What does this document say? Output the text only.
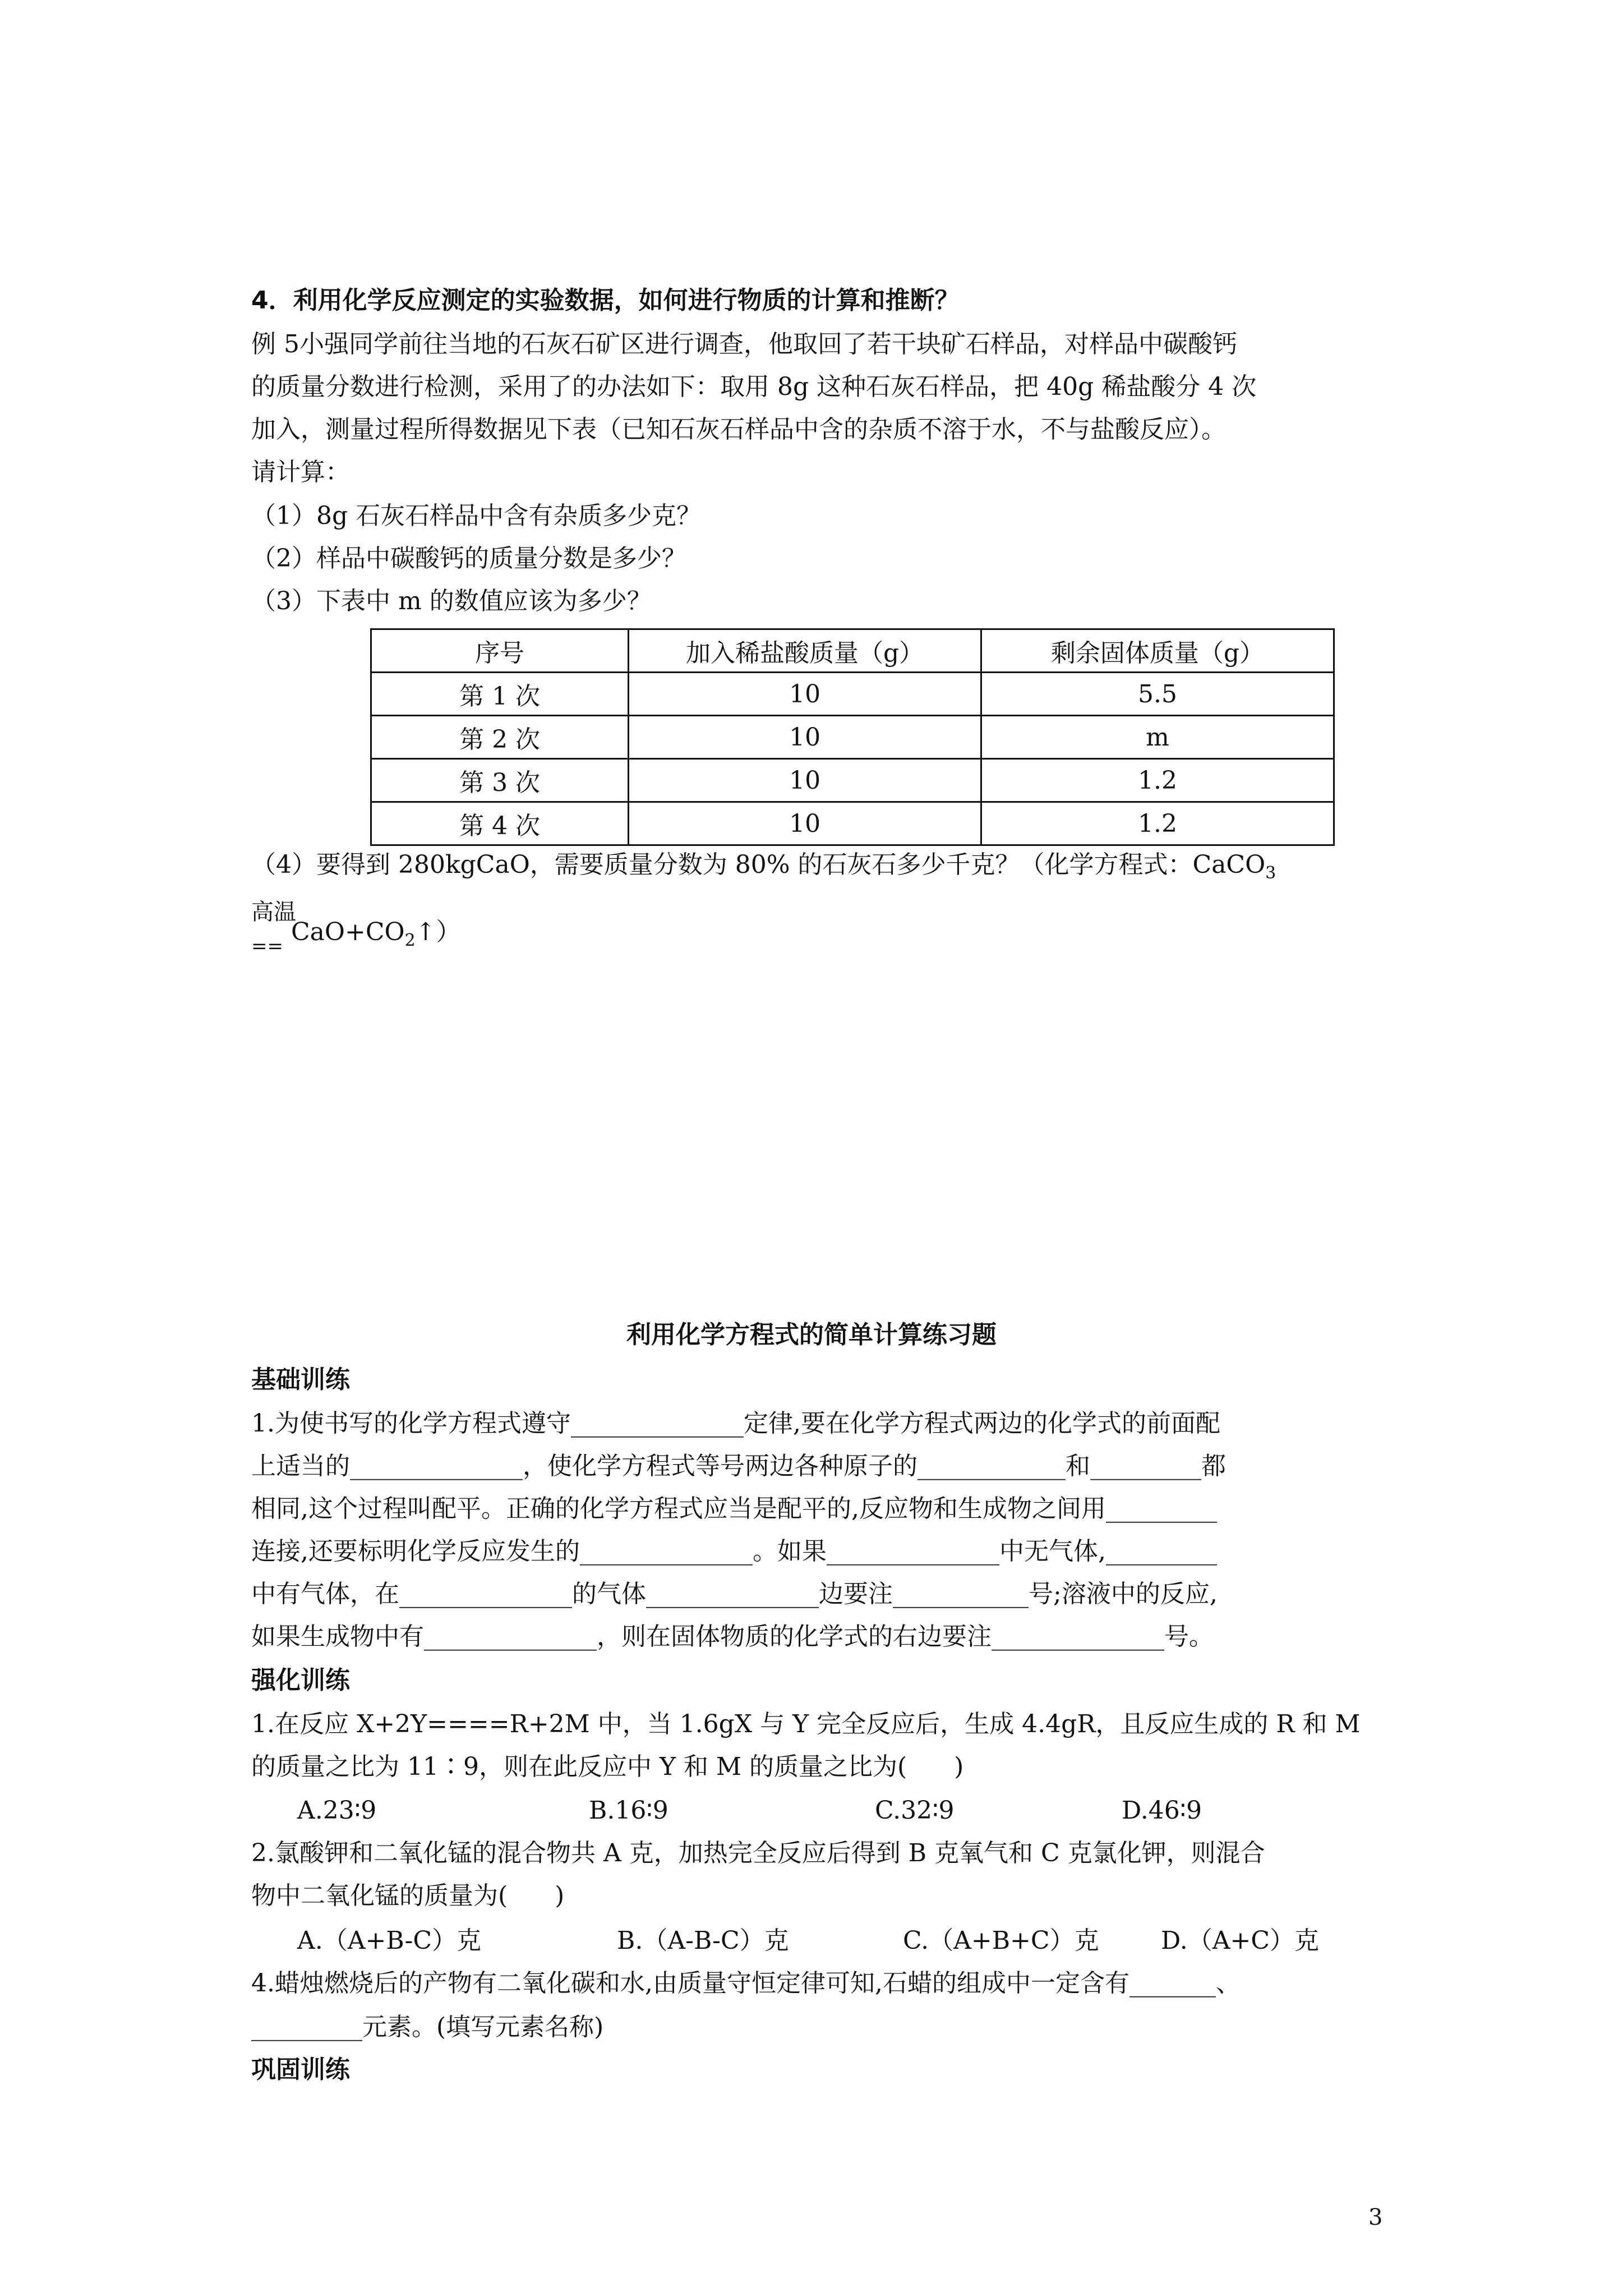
4．利用化学反应测定的实验数据，如何进行物质的计算和推断？
例 5小强同学前往当地的石灰石矿区进行调查，他取回了若干块矿石样品，对样品中碳酸钙
的质量分数进行检测，采用了的办法如下：取用 8g 这种石灰石样品，把 40g 稀盐酸分 4 次
加入，测量过程所得数据见下表（已知石灰石样品中含的杂质不溶于水，不与盐酸反应）。
请计算：
（1）8g 石灰石样品中含有杂质多少克？
（2）样品中碳酸钙的质量分数是多少？
（3）下表中 m 的数值应该为多少？
序号	加入稀盐酸质量（g）	剩余固体质量（g）
第 1 次	10	5.5
第 2 次	10	m
第 3 次	10	1.2
第 4 次	10	1.2
（4）要得到 280kgCaO，需要质量分数为 80% 的石灰石多少千克？（化学方程式：CaCO$_3$
高温
$_{==}$ $CaO+CO_2↑$）
利用化学方程式的简单计算练习题
基础训练
1.为使书写的化学方程式遵守______________定律,要在化学方程式两边的化学式的前面配
上适当的______________，使化学方程式等号两边各种原子的____________和_________都
相同,这个过程叫配平。正确的化学方程式应当是配平的,反应物和生成物之间用_________
连接,还要标明化学反应发生的______________。如果______________中无气体,_________
中有气体，在______________的气体______________边要注___________号;溶液中的反应,
如果生成物中有______________，则在固体物质的化学式的右边要注______________号。
强化训练
1.在反应 X+2Y====R+2M 中，当 1.6gX 与 Y 完全反应后，生成 4.4gR，且反应生成的 R 和 M
的质量之比为 11∶9，则在此反应中 Y 和 M 的质量之比为(      )
A.23∶9	B.16∶9	C.32∶9	D.46∶9
2.氯酸钾和二氧化锰的混合物共 A 克，加热完全反应后得到 B 克氧气和 C 克氯化钾，则混合
物中二氧化锰的质量为(      )
A.（A+B-C）克	B.（A-B-C）克	C.（A+B+C）克	D.（A+C）克
4.蜡烛燃烧后的产物有二氧化碳和水,由质量守恒定律可知,石蜡的组成中一定含有_______、
_________元素。(填写元素名称)
巩固训练
3
